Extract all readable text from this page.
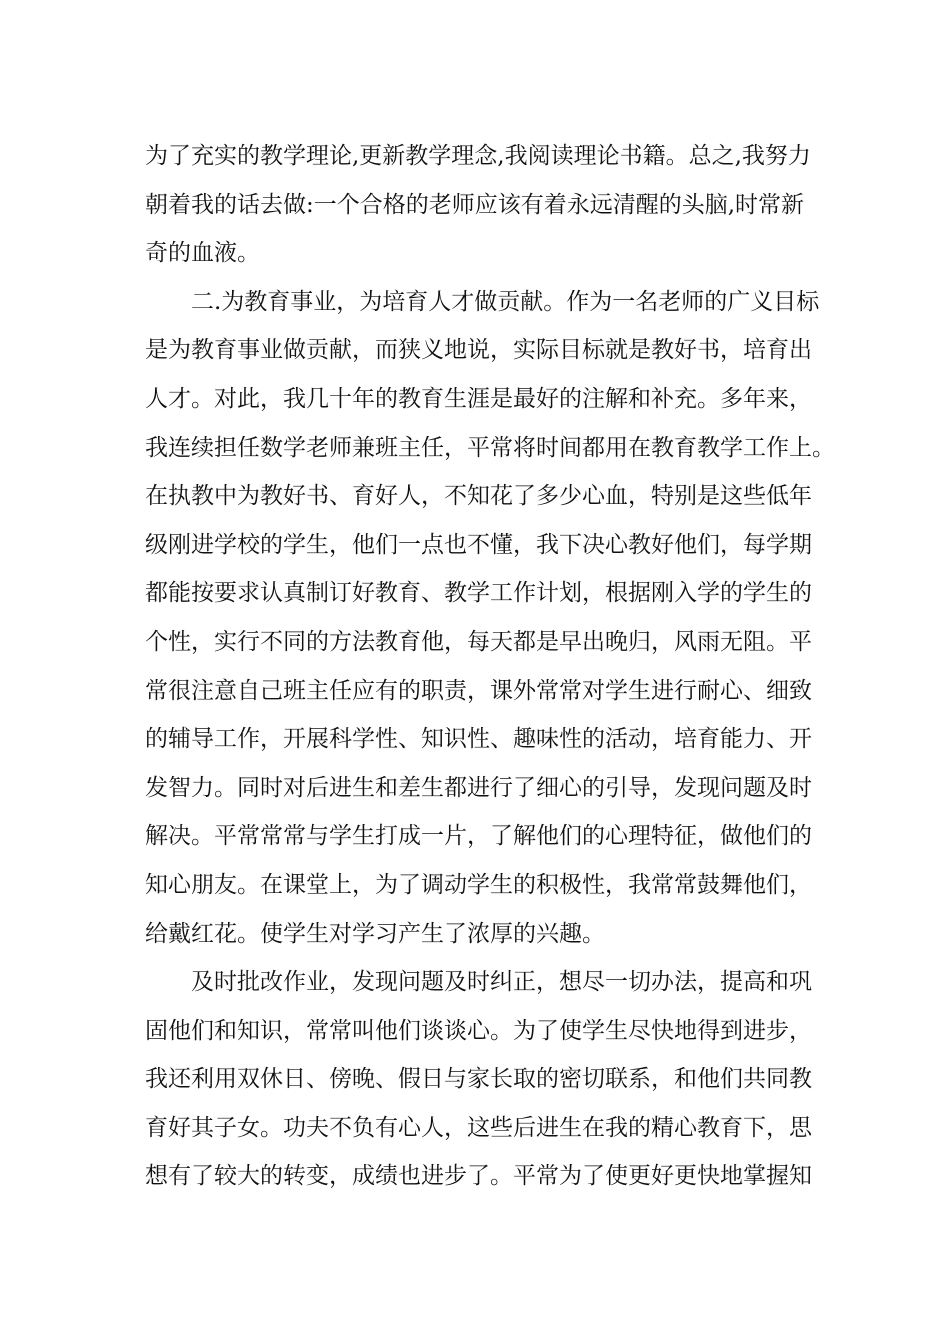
为了充实的教学理论,更新教学理念,我阅读理论书籍。总之,我努力
朝着我的话去做:一个合格的老师应该有着永远清醒的头脑,时常新
奇的血液。

二.为教育事业，为培育人才做贡献。作为一名老师的广义目标
是为教育事业做贡献，而狭义地说，实际目标就是教好书，培育出
人才。对此，我几十年的教育生涯是最好的注解和补充。多年来，
我连续担任数学老师兼班主任，平常将时间都用在教育教学工作上。
在执教中为教好书、育好人，不知花了多少心血，特别是这些低年
级刚进学校的学生，他们一点也不懂，我下决心教好他们，每学期
都能按要求认真制订好教育、教学工作计划，根据刚入学的学生的
个性，实行不同的方法教育他，每天都是早出晚归，风雨无阻。平
常很注意自己班主任应有的职责，课外常常对学生进行耐心、细致
的辅导工作，开展科学性、知识性、趣味性的活动，培育能力、开
发智力。同时对后进生和差生都进行了细心的引导，发现问题及时
解决。平常常常与学生打成一片，了解他们的心理特征，做他们的
知心朋友。在课堂上，为了调动学生的积极性，我常常鼓舞他们，
给戴红花。使学生对学习产生了浓厚的兴趣。

及时批改作业，发现问题及时纠正，想尽一切办法，提高和巩
固他们和知识，常常叫他们谈谈心。为了使学生尽快地得到进步，
我还利用双休日、傍晚、假日与家长取的密切联系，和他们共同教
育好其子女。功夫不负有心人，这些后进生在我的精心教育下，思
想有了较大的转变，成绩也进步了。平常为了使更好更快地掌握知
